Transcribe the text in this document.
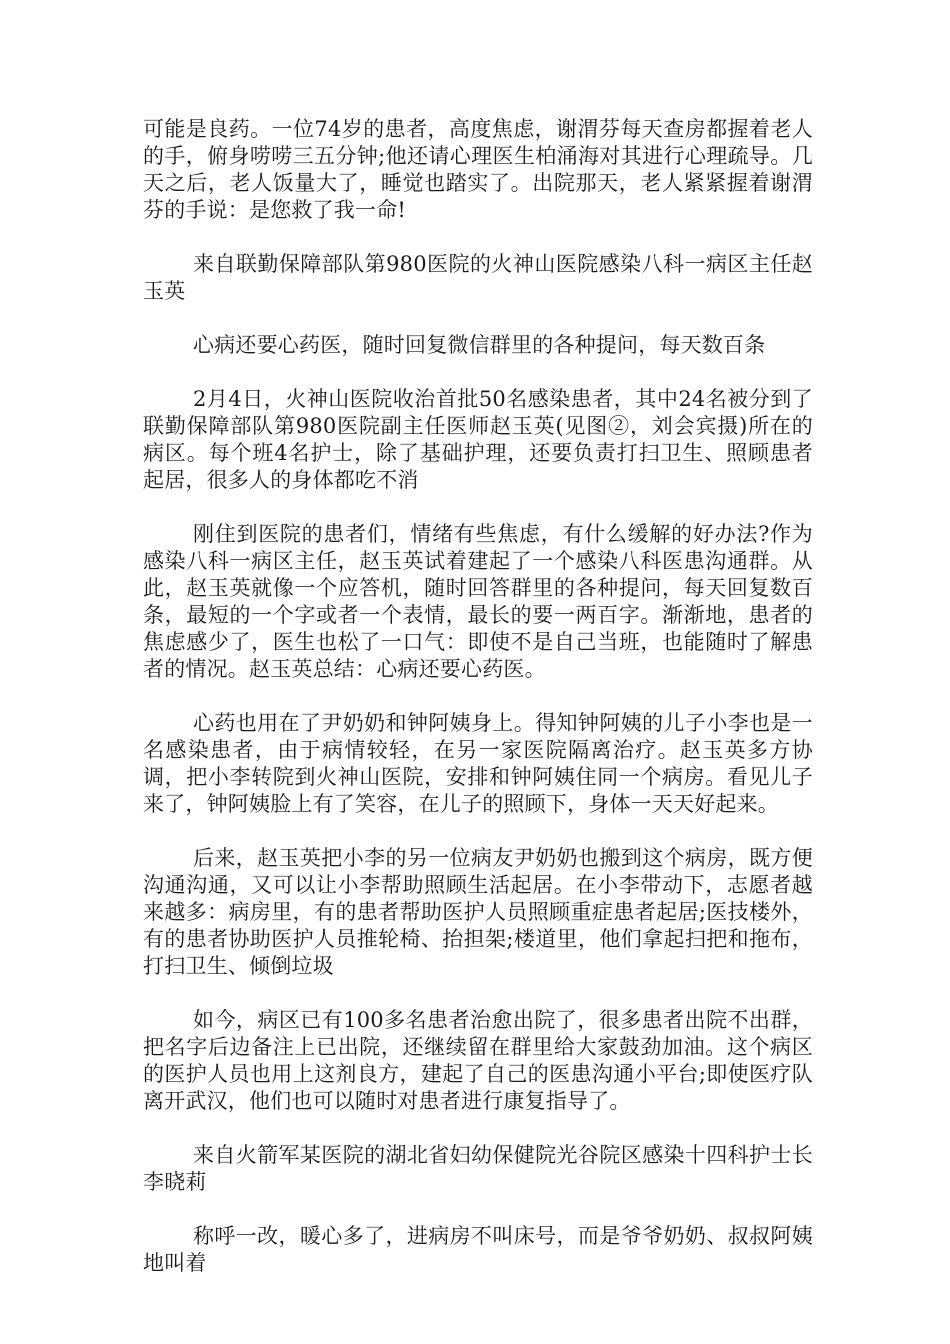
可能是良药。一位74岁的患者，高度焦虑，谢渭芬每天查房都握着老人的手，俯身唠唠三五分钟;他还请心理医生柏涌海对其进行心理疏导。几天之后，老人饭量大了，睡觉也踏实了。出院那天，老人紧紧握着谢渭芬的手说：是您救了我一命!

来自联勤保障部队第980医院的火神山医院感染八科一病区主任赵玉英

心病还要心药医，随时回复微信群里的各种提问，每天数百条

2月4日，火神山医院收治首批50名感染患者，其中24名被分到了联勤保障部队第980医院副主任医师赵玉英(见图②，刘会宾摄)所在的病区。每个班4名护士，除了基础护理，还要负责打扫卫生、照顾患者起居，很多人的身体都吃不消

刚住到医院的患者们，情绪有些焦虑，有什么缓解的好办法?作为感染八科一病区主任，赵玉英试着建起了一个感染八科医患沟通群。从此，赵玉英就像一个应答机，随时回答群里的各种提问，每天回复数百条，最短的一个字或者一个表情，最长的要一两百字。渐渐地，患者的焦虑感少了，医生也松了一口气：即使不是自己当班，也能随时了解患者的情况。赵玉英总结：心病还要心药医。

心药也用在了尹奶奶和钟阿姨身上。得知钟阿姨的儿子小李也是一名感染患者，由于病情较轻，在另一家医院隔离治疗。赵玉英多方协调，把小李转院到火神山医院，安排和钟阿姨住同一个病房。看见儿子来了，钟阿姨脸上有了笑容，在儿子的照顾下，身体一天天好起来。

后来，赵玉英把小李的另一位病友尹奶奶也搬到这个病房，既方便沟通沟通，又可以让小李帮助照顾生活起居。在小李带动下，志愿者越来越多：病房里，有的患者帮助医护人员照顾重症患者起居;医技楼外，有的患者协助医护人员推轮椅、抬担架;楼道里，他们拿起扫把和拖布，打扫卫生、倾倒垃圾

如今，病区已有100多名患者治愈出院了，很多患者出院不出群，把名字后边备注上已出院，还继续留在群里给大家鼓劲加油。这个病区的医护人员也用上这剂良方，建起了自己的医患沟通小平台;即使医疗队离开武汉，他们也可以随时对患者进行康复指导了。

来自火箭军某医院的湖北省妇幼保健院光谷院区感染十四科护士长李晓莉

称呼一改，暖心多了，进病房不叫床号，而是爷爷奶奶、叔叔阿姨地叫着
